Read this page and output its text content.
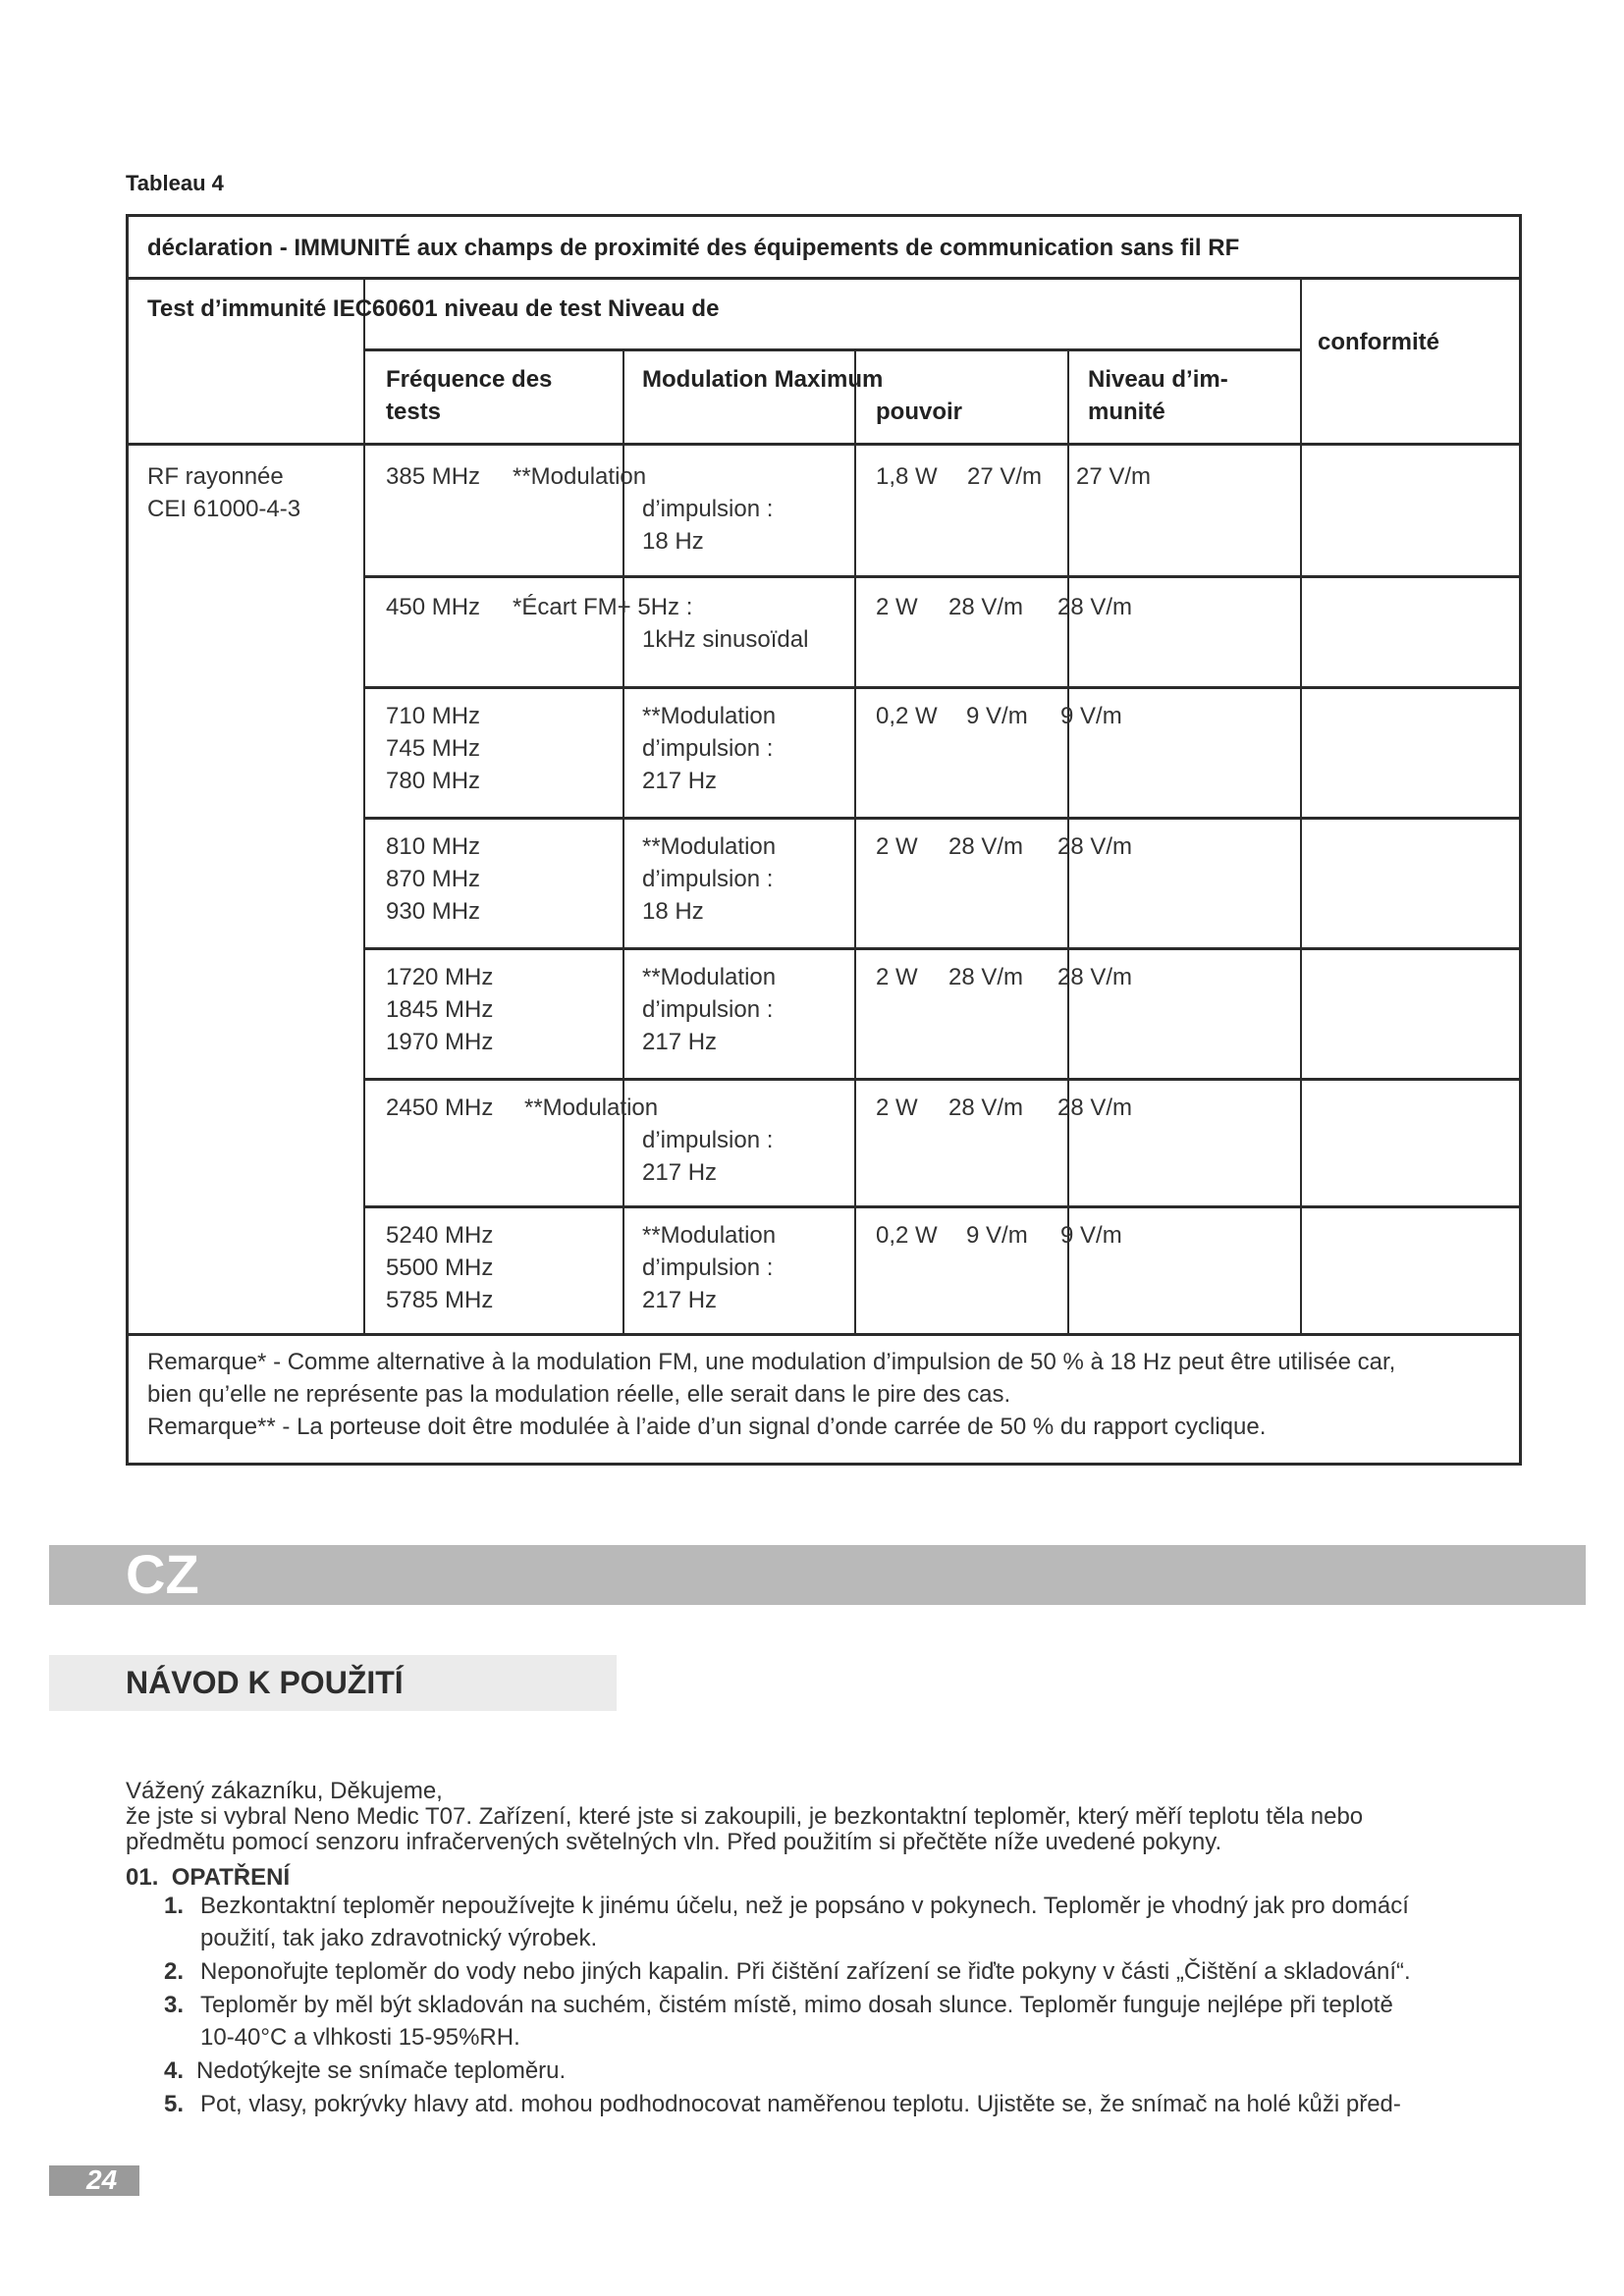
Tableau 4
déclaration - IMMUNITÉ aux champs de proximité des équipements de communication sans fil RF
Test d’immunité IEC60601 niveau de test Niveau de
conformité
Fréquence des
tests
Modulation Maximum
pouvoir
Niveau d’im-
munité
RF rayonnée
CEI 61000-4-3
385 MHz **Modulation
d’impulsion :
18 Hz
1,8 W 27 V/m 27 V/m
450 MHz *Écart FM+ 5Hz :
1kHz sinusoïdal
2 W 28 V/m 28 V/m
710 MHz
745 MHz
780 MHz
**Modulation
d’impulsion :
217 Hz
0,2 W 9 V/m 9 V/m
810 MHz
870 MHz
930 MHz
**Modulation
d’impulsion :
18 Hz
2 W 28 V/m 28 V/m
1720 MHz
1845 MHz
1970 MHz
**Modulation
d’impulsion :
217 Hz
2 W 28 V/m 28 V/m
2450 MHz **Modulation
d’impulsion :
217 Hz
2 W 28 V/m 28 V/m
5240 MHz
5500 MHz
5785 MHz
**Modulation
d’impulsion :
217 Hz
0,2 W 9 V/m 9 V/m
Remarque* - Comme alternative à la modulation FM, une modulation d’impulsion de 50 % à 18 Hz peut être utilisée car,
bien qu’elle ne représente pas la modulation réelle, elle serait dans le pire des cas.
Remarque** - La porteuse doit être modulée à l’aide d’un signal d’onde carrée de 50 % du rapport cyclique.
CZ
NÁVOD K POUŽITÍ
Vážený zákazníku, Děkujeme,
že jste si vybral Neno Medic T07. Zařízení, které jste si zakoupili, je bezkontaktní teploměr, který měří teplotu těla nebo
předmětu pomocí senzoru infračervených světelných vln. Před použitím si přečtěte níže uvedené pokyny.
01.  OPATŘENÍ
1. Bezkontaktní teploměr nepoužívejte k jinému účelu, než je popsáno v pokynech. Teploměr je vhodný jak pro domácí
použití, tak jako zdravotnický výrobek.
2. Neponořujte teploměr do vody nebo jiných kapalin. Při čištění zařízení se řiďte pokyny v části „Čištění a skladování“.
3. Teploměr by měl být skladován na suchém, čistém místě, mimo dosah slunce. Teploměr funguje nejlépe při teplotě
10-40°C a vlhkosti 15-95%RH.
4. Nedotýkejte se snímače teploměru.
5. Pot, vlasy, pokrývky hlavy atd. mohou podhodnocovat naměřenou teplotu. Ujistěte se, že snímač na holé kůži před-
24
